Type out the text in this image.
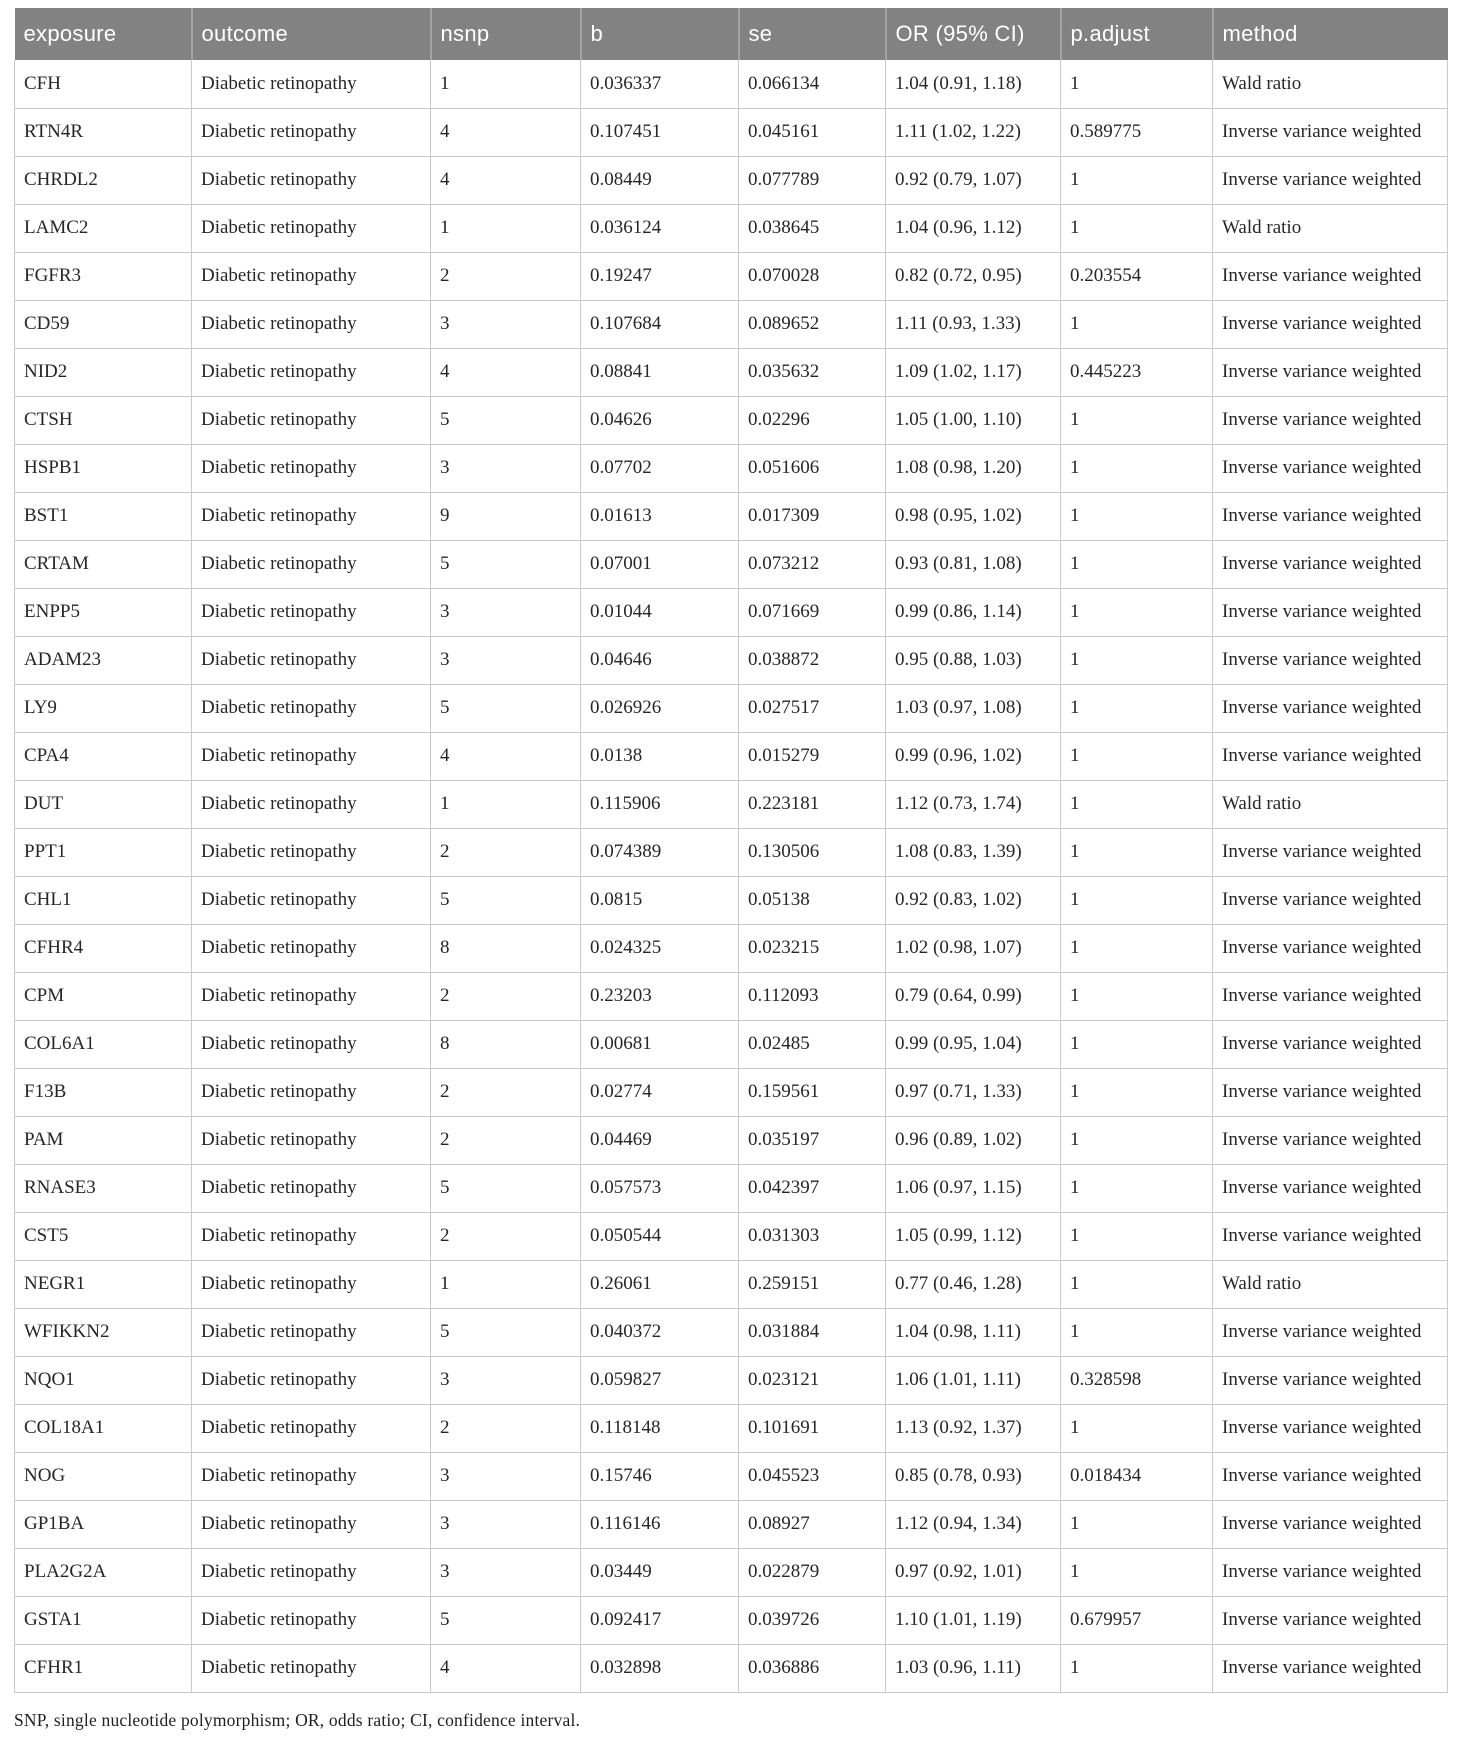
exposure	outcome	nsnp	b	se	OR (95% CI)	p.adjust	method
CFH	Diabetic retinopathy	1	0.036337	0.066134	1.04 (0.91, 1.18)	1	Wald ratio
RTN4R	Diabetic retinopathy	4	0.107451	0.045161	1.11 (1.02, 1.22)	0.589775	Inverse variance weighted
CHRDL2	Diabetic retinopathy	4	0.08449	0.077789	0.92 (0.79, 1.07)	1	Inverse variance weighted
LAMC2	Diabetic retinopathy	1	0.036124	0.038645	1.04 (0.96, 1.12)	1	Wald ratio
FGFR3	Diabetic retinopathy	2	0.19247	0.070028	0.82 (0.72, 0.95)	0.203554	Inverse variance weighted
CD59	Diabetic retinopathy	3	0.107684	0.089652	1.11 (0.93, 1.33)	1	Inverse variance weighted
NID2	Diabetic retinopathy	4	0.08841	0.035632	1.09 (1.02, 1.17)	0.445223	Inverse variance weighted
CTSH	Diabetic retinopathy	5	0.04626	0.02296	1.05 (1.00, 1.10)	1	Inverse variance weighted
HSPB1	Diabetic retinopathy	3	0.07702	0.051606	1.08 (0.98, 1.20)	1	Inverse variance weighted
BST1	Diabetic retinopathy	9	0.01613	0.017309	0.98 (0.95, 1.02)	1	Inverse variance weighted
CRTAM	Diabetic retinopathy	5	0.07001	0.073212	0.93 (0.81, 1.08)	1	Inverse variance weighted
ENPP5	Diabetic retinopathy	3	0.01044	0.071669	0.99 (0.86, 1.14)	1	Inverse variance weighted
ADAM23	Diabetic retinopathy	3	0.04646	0.038872	0.95 (0.88, 1.03)	1	Inverse variance weighted
LY9	Diabetic retinopathy	5	0.026926	0.027517	1.03 (0.97, 1.08)	1	Inverse variance weighted
CPA4	Diabetic retinopathy	4	0.0138	0.015279	0.99 (0.96, 1.02)	1	Inverse variance weighted
DUT	Diabetic retinopathy	1	0.115906	0.223181	1.12 (0.73, 1.74)	1	Wald ratio
PPT1	Diabetic retinopathy	2	0.074389	0.130506	1.08 (0.83, 1.39)	1	Inverse variance weighted
CHL1	Diabetic retinopathy	5	0.0815	0.05138	0.92 (0.83, 1.02)	1	Inverse variance weighted
CFHR4	Diabetic retinopathy	8	0.024325	0.023215	1.02 (0.98, 1.07)	1	Inverse variance weighted
CPM	Diabetic retinopathy	2	0.23203	0.112093	0.79 (0.64, 0.99)	1	Inverse variance weighted
COL6A1	Diabetic retinopathy	8	0.00681	0.02485	0.99 (0.95, 1.04)	1	Inverse variance weighted
F13B	Diabetic retinopathy	2	0.02774	0.159561	0.97 (0.71, 1.33)	1	Inverse variance weighted
PAM	Diabetic retinopathy	2	0.04469	0.035197	0.96 (0.89, 1.02)	1	Inverse variance weighted
RNASE3	Diabetic retinopathy	5	0.057573	0.042397	1.06 (0.97, 1.15)	1	Inverse variance weighted
CST5	Diabetic retinopathy	2	0.050544	0.031303	1.05 (0.99, 1.12)	1	Inverse variance weighted
NEGR1	Diabetic retinopathy	1	0.26061	0.259151	0.77 (0.46, 1.28)	1	Wald ratio
WFIKKN2	Diabetic retinopathy	5	0.040372	0.031884	1.04 (0.98, 1.11)	1	Inverse variance weighted
NQO1	Diabetic retinopathy	3	0.059827	0.023121	1.06 (1.01, 1.11)	0.328598	Inverse variance weighted
COL18A1	Diabetic retinopathy	2	0.118148	0.101691	1.13 (0.92, 1.37)	1	Inverse variance weighted
NOG	Diabetic retinopathy	3	0.15746	0.045523	0.85 (0.78, 0.93)	0.018434	Inverse variance weighted
GP1BA	Diabetic retinopathy	3	0.116146	0.08927	1.12 (0.94, 1.34)	1	Inverse variance weighted
PLA2G2A	Diabetic retinopathy	3	0.03449	0.022879	0.97 (0.92, 1.01)	1	Inverse variance weighted
GSTA1	Diabetic retinopathy	5	0.092417	0.039726	1.10 (1.01, 1.19)	0.679957	Inverse variance weighted
CFHR1	Diabetic retinopathy	4	0.032898	0.036886	1.03 (0.96, 1.11)	1	Inverse variance weighted
SNP, single nucleotide polymorphism; OR, odds ratio; CI, confidence interval.
